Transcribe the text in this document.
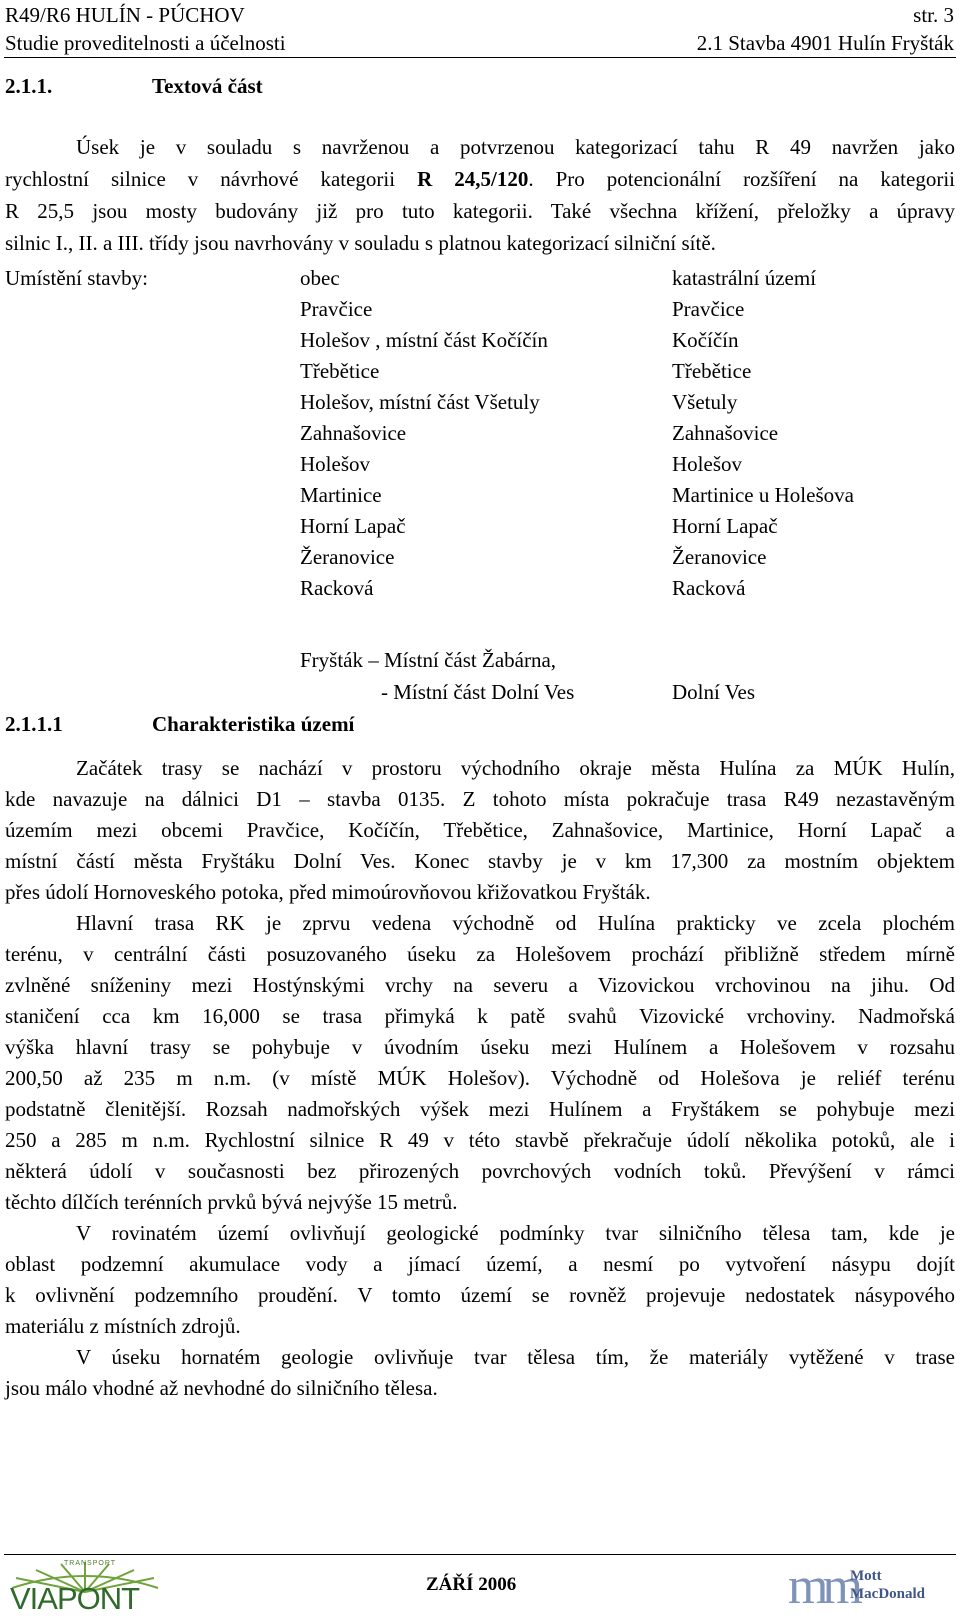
R49/R6 HULÍN - PÚCHOV	str. 3
Studie proveditelnosti a účelnosti	2.1 Stavba 4901 Hulín Fryšták
2.1.1.	Textová část
Úsek je v souladu s navrženou a potvrzenou kategorizací tahu R 49 navržen jako
rychlostní silnice v návrhové kategorii R 24,5/120. Pro potencionální rozšíření na kategorii
R 25,5 jsou mosty budovány již pro tuto kategorii. Také všechna křížení, přeložky a úpravy
silnic I., II. a III. třídy jsou navrhovány v souladu s platnou kategorizací silniční sítě.
Umístění stavby:	obec	katastrální území
Pravčice	Pravčice
Holešov , místní část Kočíčín	Kočíčín
Třebětice	Třebětice
Holešov, místní část Všetuly	Všetuly
Zahnašovice	Zahnašovice
Holešov	Holešov
Martinice	Martinice u Holešova
Horní Lapač	Horní Lapač
Žeranovice	Žeranovice
Racková	Racková
Fryšták – Místní část Žabárna,
- Místní část Dolní Ves	Dolní Ves
2.1.1.1	Charakteristika území
Začátek trasy se nachází v prostoru východního okraje města Hulína za MÚK Hulín,
kde navazuje na dálnici D1 – stavba 0135. Z tohoto místa pokračuje trasa R49 nezastavěným
územím mezi obcemi Pravčice, Kočíčín, Třebětice, Zahnašovice, Martinice, Horní Lapač a
místní částí města Fryštáku Dolní Ves. Konec stavby je v km 17,300 za mostním objektem
přes údolí Hornoveského potoka, před mimoúrovňovou křižovatkou Fryšták.
Hlavní trasa RK je zprvu vedena východně od Hulína prakticky ve zcela plochém
terénu, v centrální části posuzovaného úseku za Holešovem prochází přibližně středem mírně
zvlněné sníženiny mezi Hostýnskými vrchy na severu a Vizovickou vrchovinou na jihu. Od
staničení cca km 16,000 se trasa přimyká k patě svahů Vizovické vrchoviny. Nadmořská
výška hlavní trasy se pohybuje v úvodním úseku mezi Hulínem a Holešovem v rozsahu
200,50 až 235 m n.m. (v místě MÚK Holešov). Východně od Holešova je reliéf terénu
podstatně členitější. Rozsah nadmořských výšek mezi Hulínem a Fryštákem se pohybuje mezi
250 a 285 m n.m. Rychlostní silnice R 49 v této stavbě překračuje údolí několika potoků, ale i
některá údolí v současnosti bez přirozených povrchových vodních toků. Převýšení v rámci
těchto dílčích terénních prvků bývá nejvýše 15 metrů.
V rovinatém území ovlivňují geologické podmínky tvar silničního tělesa tam, kde je
oblast podzemní akumulace vody a jímací území, a nesmí po vytvoření násypu dojít
k ovlivnění podzemního proudění. V tomto území se rovněž projevuje nedostatek násypového
materiálu z místních zdrojů.
V úseku hornatém geologie ovlivňuje tvar tělesa tím, že materiály vytěžené v trase
jsou málo vhodné až nevhodné do silničního tělesa.
TRANSPORT
VIAPONT	ZÁŘÍ 2006	mm
Mott
MacDonald
